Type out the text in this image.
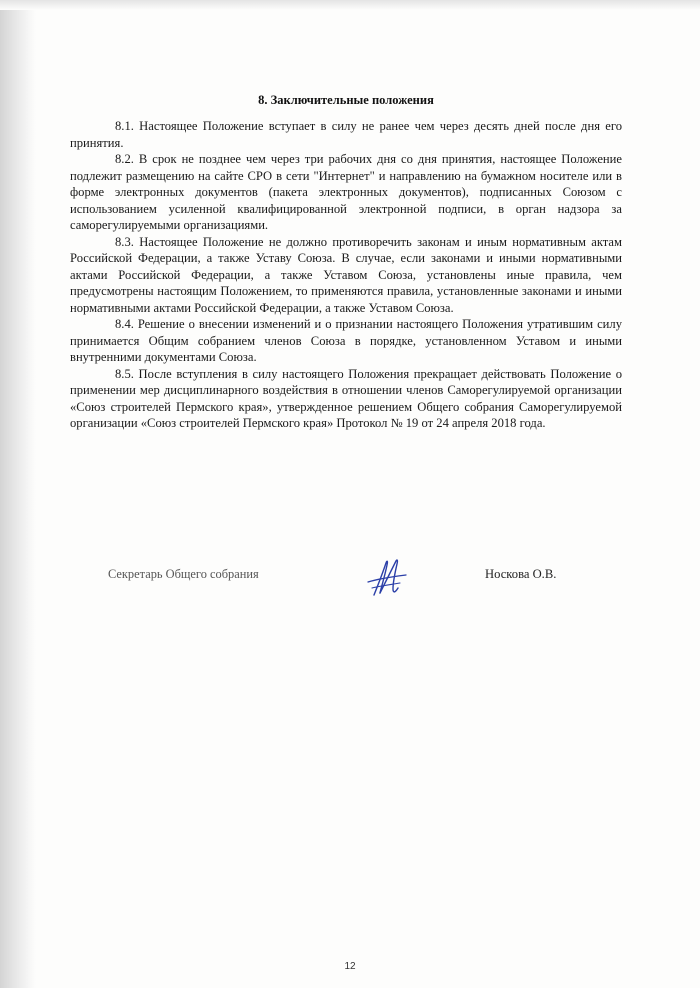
8. Заключительные положения

8.1. Настоящее Положение вступает в силу не ранее чем через десять дней после дня его принятия.

8.2. В срок не позднее чем через три рабочих дня со дня принятия, настоящее Положение подлежит размещению на сайте СРО в сети "Интернет" и направлению на бумажном носителе или в форме электронных документов (пакета электронных документов), подписанных Союзом с использованием усиленной квалифицированной электронной подписи, в орган надзора за саморегулируемыми организациями.

8.3. Настоящее Положение не должно противоречить законам и иным нормативным актам Российской Федерации, а также Уставу Союза. В случае, если законами и иными нормативными актами Российской Федерации, а также Уставом Союза, установлены иные правила, чем предусмотрены настоящим Положением, то применяются правила, установленные законами и иными нормативными актами Российской Федерации, а также Уставом Союза.

8.4. Решение о внесении изменений и о признании настоящего Положения утратившим силу принимается Общим собранием членов Союза в порядке, установленном Уставом и иными внутренними документами Союза.

8.5. После вступления в силу настоящего Положения прекращает действовать Положение о применении мер дисциплинарного воздействия в отношении членов Саморегулируемой организации «Союз строителей Пермского края», утвержденное решением Общего собрания Саморегулируемой организации «Союз строителей Пермского края» Протокол № 19 от 24 апреля 2018 года.

Секретарь Общего собрания	Носкова О.В.
12
